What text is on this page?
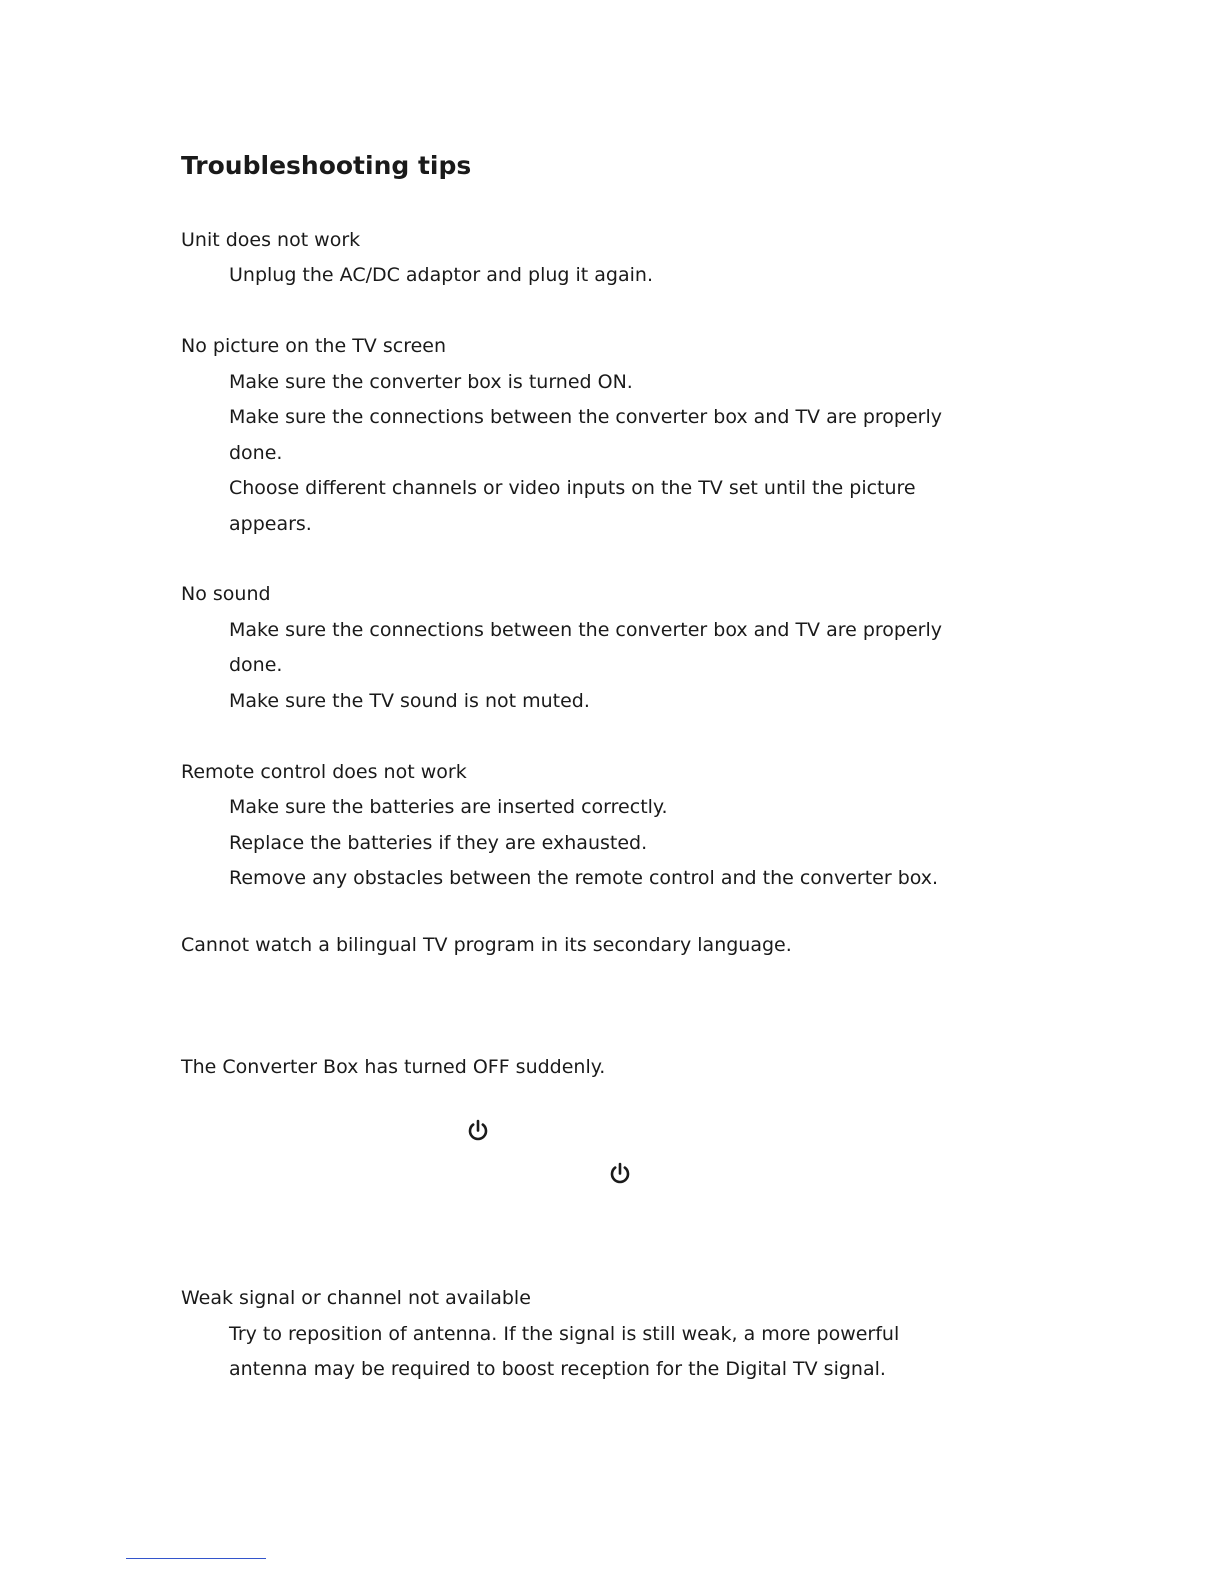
Troubleshooting tips

Unit does not work

Unplug the AC/DC adaptor and plug it again.

No picture on the TV screen

Make sure the converter box is turned ON.

Make sure the connections between the converter box and TV are properly

done.

Choose different channels or video inputs on the TV set until the picture

appears.

No sound

Make sure the connections between the converter box and TV are properly

done.

Make sure the TV sound is not muted.

Remote control does not work

Make sure the batteries are inserted correctly.

Replace the batteries if they are exhausted.

Remove any obstacles between the remote control and the converter box.

Cannot watch a bilingual TV program in its secondary language.

The Converter Box has turned OFF suddenly.

Weak signal or channel not available

Try to reposition of antenna. If the signal is still weak, a more powerful

antenna may be required to boost reception for the Digital TV signal.
